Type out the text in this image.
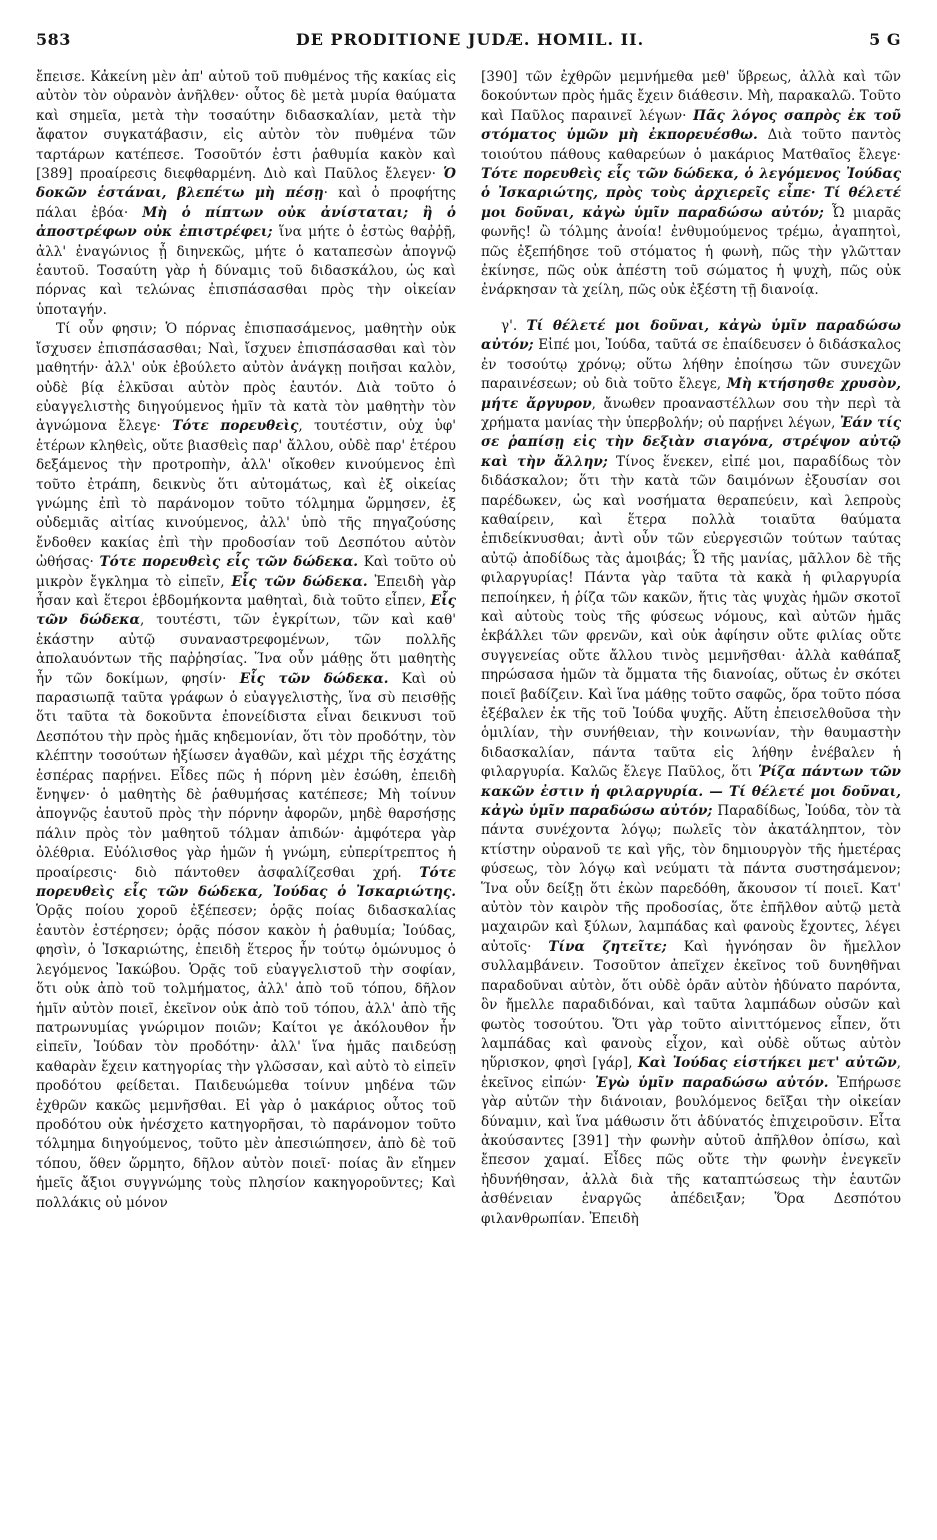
583	DE PRODITIONE JUDÆ. HOMIL. II.	5 G

ἔπεισε. Κἀκείνη μὲν ἀπ' αὐτοῦ τοῦ πυθμένος τῆς κακίας εἰς αὐτὸν τὸν οὐρανὸν ἀνῆλθεν· οὗτος δὲ μετὰ μυρία θαύματα καὶ σημεῖα, μετὰ τὴν τοσαύτην διδασκαλίαν, μετὰ τὴν ἄφατον συγκατάβασιν, εἰς αὐτὸν τὸν πυθμένα τῶν ταρτάρων κατέπεσε. Τοσοῦτόν ἐστι ῥαθυμία κακὸν καὶ [389] προαίρεσις διεφθαρμένη. Διὸ καὶ Παῦλος ἔλεγεν· Ὁ δοκῶν ἑστάναι, βλεπέτω μὴ πέσῃ· καὶ ὁ προφήτης πάλαι ἐβόα· Μὴ ὁ πίπτων οὐκ ἀνίσταται; ἢ ὁ ἀποστρέφων οὐκ ἐπιστρέφει; ἵνα μήτε ὁ ἑστὼς θαῤῥῇ, ἀλλ' ἐναγώνιος ᾖ διηνεκῶς, μήτε ὁ καταπεσὼν ἀπογνῷ ἑαυτοῦ. Τοσαύτη γὰρ ἡ δύναμις τοῦ διδασκάλου, ὡς καὶ πόρνας καὶ τελώνας ἐπισπάσασθαι πρὸς τὴν οἰκείαν ὑποταγήν.

Τί οὖν φησιν; Ὁ πόρνας ἐπισπασάμενος, μαθητὴν οὐκ ἴσχυσεν ἐπισπάσασθαι; Ναὶ, ἴσχυεν ἐπισπάσασθαι καὶ τὸν μαθητήν· ἀλλ' οὐκ ἐβούλετο αὐτὸν ἀνάγκῃ ποιῆσαι καλὸν, οὐδὲ βίᾳ ἑλκῦσαι αὐτὸν πρὸς ἑαυτόν. Διὰ τοῦτο ὁ εὐαγγελιστὴς διηγούμενος ἡμῖν τὰ κατὰ τὸν μαθητὴν τὸν ἀγνώμονα ἔλεγε· Τότε πορευθεὶς, τουτέστιν, οὐχ ὑφ' ἑτέρων κληθεὶς, οὔτε βιασθεὶς παρ' ἄλλου, οὐδὲ παρ' ἑτέρου δεξάμενος τὴν προτροπὴν, ἀλλ' οἴκοθεν κινούμενος ἐπὶ τοῦτο ἐτράπη, δεικνὺς ὅτι αὐτομάτως, καὶ ἐξ οἰκείας γνώμης ἐπὶ τὸ παράνομον τοῦτο τόλμημα ὥρμησεν, ἐξ οὐδεμιᾶς αἰτίας κινούμενος, ἀλλ' ὑπὸ τῆς πηγαζούσης ἔνδοθεν κακίας ἐπὶ τὴν προδοσίαν τοῦ Δεσπότου αὐτὸν ὠθήσας· Τότε πορευθεὶς εἷς τῶν δώδεκα. Καὶ τοῦτο οὐ μικρὸν ἔγκλημα τὸ εἰπεῖν, Εἷς τῶν δώδεκα. Ἐπειδὴ γὰρ ἦσαν καὶ ἕτεροι ἑβδομήκοντα μαθηταὶ, διὰ τοῦτο εἶπεν, Εἷς τῶν δώδεκα, τουτέστι, τῶν ἐγκρίτων, τῶν καὶ καθ' ἑκάστην αὐτῷ συναναστρεφομένων, τῶν πολλῆς ἀπολαυόντων τῆς παῤῥησίας. Ἵνα οὖν μάθῃς ὅτι μαθητὴς ἦν τῶν δοκίμων, φησίν· Εἷς τῶν δώδεκα. Καὶ οὐ παρασιωπᾷ ταῦτα γράφων ὁ εὐαγγελιστὴς, ἵνα σὺ πεισθῇς ὅτι ταῦτα τὰ δοκοῦντα ἐπονείδιστα εἶναι δεικνυσι τοῦ Δεσπότου τὴν πρὸς ἡμᾶς κηδεμονίαν, ὅτι τὸν προδότην, τὸν κλέπτην τοσούτων ἠξίωσεν ἀγαθῶν, καὶ μέχρι τῆς ἐσχάτης ἑσπέρας παρῄνει. Εἶδες πῶς ἡ πόρνη μὲν ἐσώθη, ἐπειδὴ ἔνηψεν· ὁ μαθητὴς δὲ ῥαθυμήσας κατέπεσε; Μὴ τοίνυν ἀπογνῷς ἑαυτοῦ πρὸς τὴν πόρνην ἀφορῶν, μηδὲ θαρσήσῃς πάλιν πρὸς τὸν μαθητοῦ τόλμαν ἀπιδών· ἀμφότερα γὰρ ὀλέθρια. Εὐόλισθος γὰρ ἡμῶν ἡ γνώμη, εὐπερίτρεπτος ἡ προαίρεσις· διὸ πάντοθεν ἀσφαλίζεσθαι χρή. Τότε πορευθεὶς εἷς τῶν δώδεκα, Ἰούδας ὁ Ἰσκαριώτης. Ὁρᾷς ποίου χοροῦ ἐξέπεσεν; ὁρᾷς ποίας διδασκαλίας ἑαυτὸν ἐστέρησεν; ὁρᾷς πόσον κακὸν ἡ ῥαθυμία; Ἰούδας, φησὶν, ὁ Ἰσκαριώτης, ἐπειδὴ ἕτερος ἦν τούτῳ ὁμώνυμος ὁ λεγόμενος Ἰακώβου. Ὁρᾷς τοῦ εὐαγγελιστοῦ τὴν σοφίαν, ὅτι οὐκ ἀπὸ τοῦ τολμήματος, ἀλλ' ἀπὸ τοῦ τόπου, δῆλον ἡμῖν αὐτὸν ποιεῖ, ἐκεῖνον οὐκ ἀπὸ τοῦ τόπου, ἀλλ' ἀπὸ τῆς πατρωνυμίας γνώριμον ποιῶν; Καίτοι γε ἀκόλουθον ἦν εἰπεῖν, Ἰούδαν τὸν προδότην· ἀλλ' ἵνα ἡμᾶς παιδεύσῃ καθαρὰν ἔχειν κατηγορίας τὴν γλῶσσαν, καὶ αὐτὸ τὸ εἰπεῖν προδότου φείδεται. Παιδευώμεθα τοίνυν μηδένα τῶν ἐχθρῶν κακῶς μεμνῆσθαι. Εἰ γὰρ ὁ μακάριος οὗτος τοῦ προδότου οὐκ ἠνέσχετο κατηγορῆσαι, τὸ παράνομον τοῦτο τόλμημα διηγούμενος, τοῦτο μὲν ἀπεσιώπησεν, ἀπὸ δὲ τοῦ τόπου, ὅθεν ὥρμητο, δῆλον αὐτὸν ποιεῖ· ποίας ἂν εἴημεν ἡμεῖς ἄξιοι συγγνώμης τοὺς πλησίον κακηγοροῦντες; Καὶ πολλάκις οὐ μόνον

[390] τῶν ἐχθρῶν μεμνήμεθα μεθ' ὕβρεως, ἀλλὰ καὶ τῶν δοκούντων πρὸς ἡμᾶς ἔχειν διάθεσιν. Μὴ, παρακαλῶ. Τοῦτο καὶ Παῦλος παραινεῖ λέγων· Πᾶς λόγος σαπρὸς ἐκ τοῦ στόματος ὑμῶν μὴ ἐκπορευέσθω. Διὰ τοῦτο παντὸς τοιούτου πάθους καθαρεύων ὁ μακάριος Ματθαῖος ἔλεγε· Τότε πορευθεὶς εἷς τῶν δώδεκα, ὁ λεγόμενος Ἰούδας ὁ Ἰσκαριώτης, πρὸς τοὺς ἀρχιερεῖς εἶπε· Τί θέλετέ μοι δοῦναι, κἀγὼ ὑμῖν παραδώσω αὐτόν; Ὦ μιαρᾶς φωνῆς! ὢ τόλμης ἀνοία! ἐνθυμούμενος τρέμω, ἀγαπητοὶ, πῶς ἐξεπήδησε τοῦ στόματος ἡ φωνὴ, πῶς τὴν γλῶτταν ἐκίνησε, πῶς οὐκ ἀπέστη τοῦ σώματος ἡ ψυχὴ, πῶς οὐκ ἐνάρκησαν τὰ χείλη, πῶς οὐκ ἐξέστη τῇ διανοίᾳ.

γ'. Τί θέλετέ μοι δοῦναι, κἀγὼ ὑμῖν παραδώσω αὐτόν; Εἰπέ μοι, Ἰούδα, ταῦτά σε ἐπαίδευσεν ὁ διδάσκαλος ἐν τοσούτῳ χρόνῳ; οὕτω λήθην ἐποίησω τῶν συνεχῶν παραινέσεων; οὐ διὰ τοῦτο ἔλεγε, Μὴ κτήσησθε χρυσὸν, μήτε ἄργυρον, ἄνωθεν προαναστέλλων σου τὴν περὶ τὰ χρήματα μανίας τὴν ὑπερβολήν; οὐ παρῄνει λέγων, Ἐάν τίς σε ῥαπίσῃ εἰς τὴν δεξιὰν σιαγόνα, στρέψον αὐτῷ καὶ τὴν ἄλλην; Τίνος ἕνεκεν, εἰπέ μοι, παραδίδως τὸν διδάσκαλον; ὅτι τὴν κατὰ τῶν δαιμόνων ἐξουσίαν σοι παρέδωκεν, ὡς καὶ νοσήματα θεραπεύειν, καὶ λεπροὺς καθαίρειν, καὶ ἕτερα πολλὰ τοιαῦτα θαύματα ἐπιδείκνυσθαι; ἀντὶ οὖν τῶν εὐεργεσιῶν τούτων ταύτας αὐτῷ ἀποδίδως τὰς ἀμοιβάς; Ὦ τῆς μανίας, μᾶλλον δὲ τῆς φιλαργυρίας! Πάντα γὰρ ταῦτα τὰ κακὰ ἡ φιλαργυρία πεποίηκεν, ἡ ῥίζα τῶν κακῶν, ἥτις τὰς ψυχὰς ἡμῶν σκοτοῖ καὶ αὐτοὺς τοὺς τῆς φύσεως νόμους, καὶ αὐτῶν ἡμᾶς ἐκβάλλει τῶν φρενῶν, καὶ οὐκ ἀφίησιν οὔτε φιλίας οὔτε συγγενείας οὔτε ἄλλου τινὸς μεμνῆσθαι· ἀλλὰ καθάπαξ πηρώσασα ἡμῶν τὰ ὄμματα τῆς διανοίας, οὕτως ἐν σκότει ποιεῖ βαδίζειν. Καὶ ἵνα μάθῃς τοῦτο σαφῶς, ὅρα τοῦτο πόσα ἐξέβαλεν ἐκ τῆς τοῦ Ἰούδα ψυχῆς. Αὕτη ἐπεισελθοῦσα τὴν ὁμιλίαν, τὴν συνήθειαν, τὴν κοινωνίαν, τὴν θαυμαστὴν διδασκαλίαν, πάντα ταῦτα εἰς λήθην ἐνέβαλεν ἡ φιλαργυρία. Καλῶς ἔλεγε Παῦλος, ὅτι Ῥίζα πάντων τῶν κακῶν ἐστιν ἡ φιλαργυρία. — Τί θέλετέ μοι δοῦναι, κἀγὼ ὑμῖν παραδώσω αὐτόν; Παραδίδως, Ἰούδα, τὸν τὰ πάντα συνέχοντα λόγῳ; πωλεῖς τὸν ἀκατάληπτον, τὸν κτίστην οὐρανοῦ τε καὶ γῆς, τὸν δημιουργὸν τῆς ἡμετέρας φύσεως, τὸν λόγῳ καὶ νεύματι τὰ πάντα συστησάμενον; Ἵνα οὖν δείξῃ ὅτι ἑκὼν παρεδόθη, ἄκουσον τί ποιεῖ. Κατ' αὐτὸν τὸν καιρὸν τῆς προδοσίας, ὅτε ἐπῆλθον αὐτῷ μετὰ μαχαιρῶν καὶ ξύλων, λαμπάδας καὶ φανοὺς ἔχοντες, λέγει αὐτοῖς· Τίνα ζητεῖτε; Καὶ ἠγνόησαν ὃν ἤμελλον συλλαμβάνειν. Τοσοῦτον ἀπεῖχεν ἐκεῖνος τοῦ δυνηθῆναι παραδοῦναι αὐτὸν, ὅτι οὐδὲ ὁρᾶν αὐτὸν ἠδύνατο παρόντα, ὃν ἤμελλε παραδιδόναι, καὶ ταῦτα λαμπάδων οὐσῶν καὶ φωτὸς τοσούτου. Ὅτι γὰρ τοῦτο αἰνιττόμενος εἶπεν, ὅτι λαμπάδας καὶ φανοὺς εἶχον, καὶ οὐδὲ οὕτως αὐτὸν ηὕρισκον, φησὶ [γάρ], Καὶ Ἰούδας εἱστήκει μετ' αὐτῶν, ἐκεῖνος εἰπών· Ἐγὼ ὑμῖν παραδώσω αὐτόν. Ἐπήρωσε γὰρ αὐτῶν τὴν διάνοιαν, βουλόμενος δεῖξαι τὴν οἰκείαν δύναμιν, καὶ ἵνα μάθωσιν ὅτι ἀδύνατός ἐπιχειροῦσιν. Εἶτα ἀκούσαντες [391] τὴν φωνὴν αὐτοῦ ἀπῆλθον ὀπίσω, καὶ ἔπεσον χαμαί. Εἶδες πῶς οὔτε τὴν φωνὴν ἐνεγκεῖν ἠδυνήθησαν, ἀλλὰ διὰ τῆς καταπτώσεως τὴν ἑαυτῶν ἀσθένειαν ἐναργῶς ἀπέδειξαν; Ὅρα Δεσπότου φιλανθρωπίαν. Ἐπειδὴ
